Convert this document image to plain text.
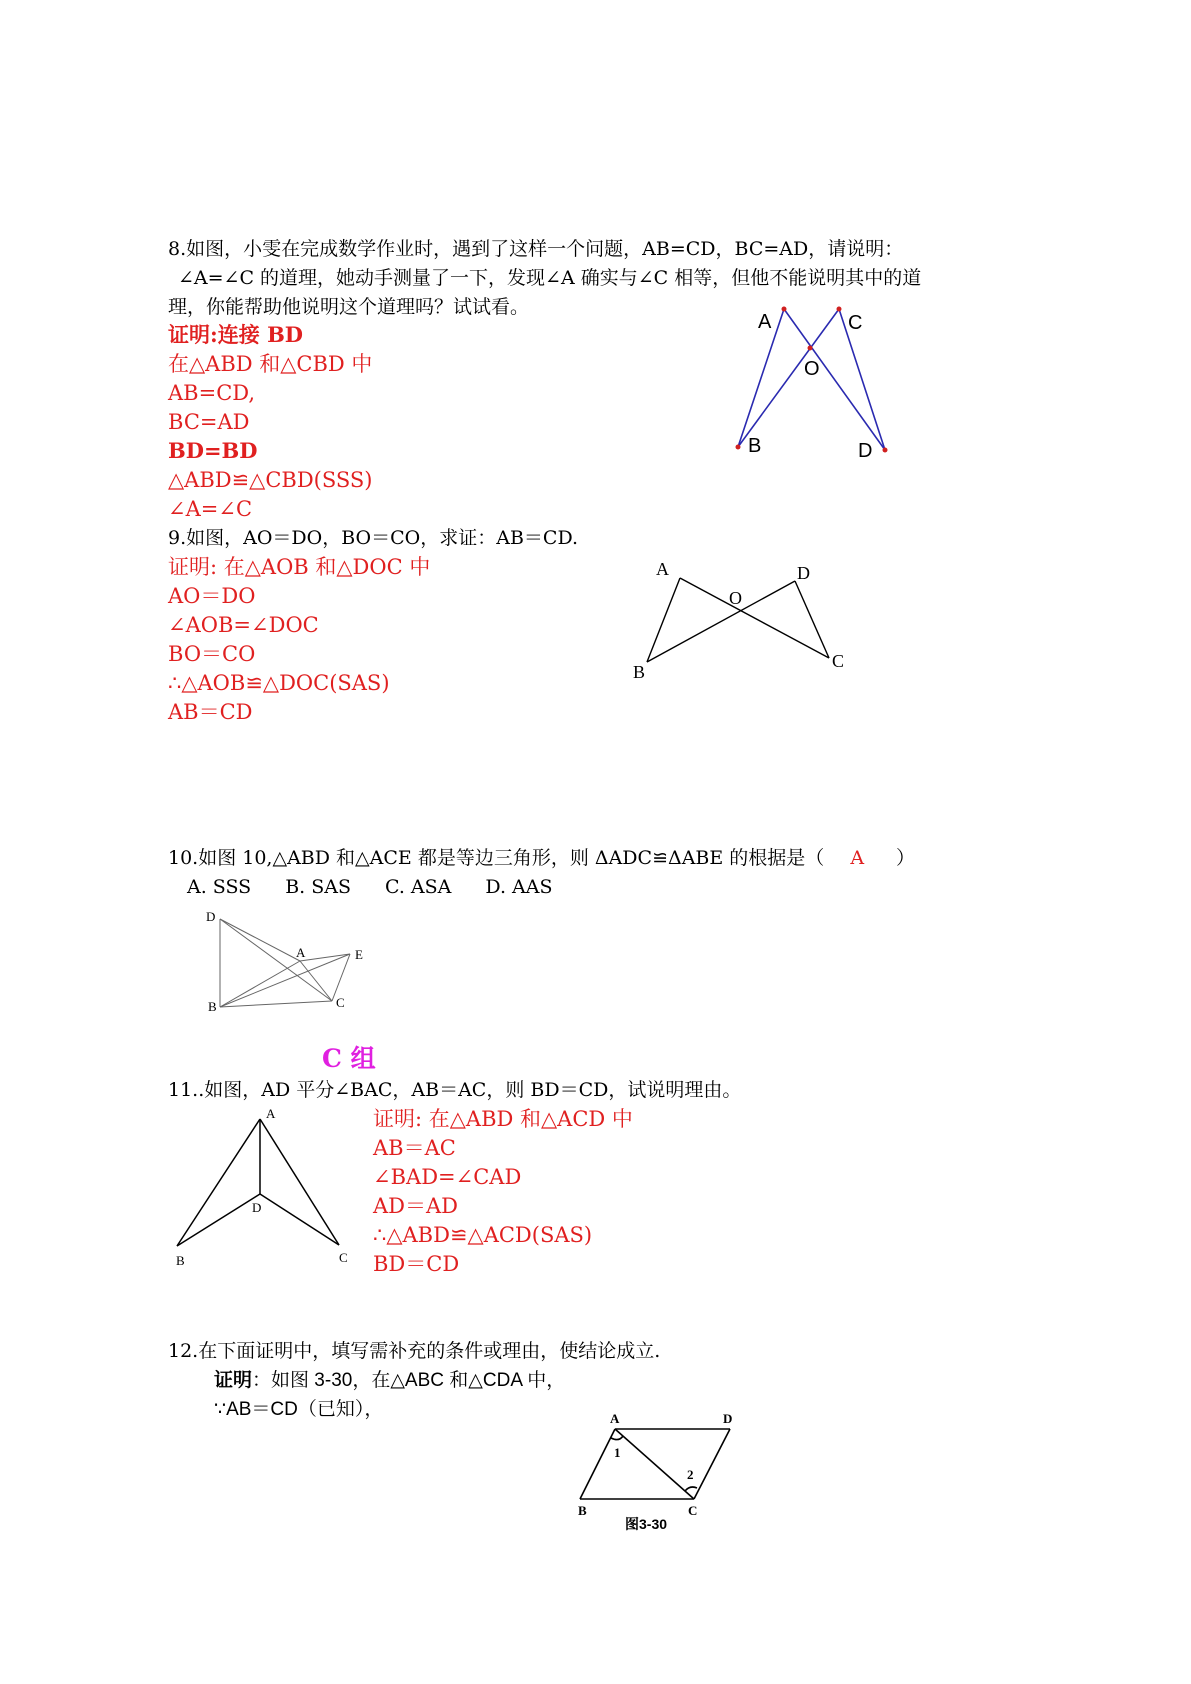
8.如图，小雯在完成数学作业时，遇到了这样一个问题，AB=CD，BC=AD，请说明：
∠A=∠C 的道理，她动手测量了一下，发现∠A 确实与∠C 相等，但他不能说明其中的道
理，你能帮助他说明这个道理吗？试试看。
证明:连接 BD
在△ABD 和△CBD 中
AB=CD,
BC=AD
BD=BD
△ABD≌△CBD(SSS)
∠A=∠C
A	C
O
B	D
9.如图，AO＝DO，BO＝CO，求证：AB＝CD.
证明: 在△AOB 和△DOC 中
AO＝DO
∠AOB=∠DOC
BO＝CO
∴△AOB≌△DOC(SAS)
AB＝CD
A	D
O
B
C
10.如图 10,△ABD 和△ACE 都是等边三角形，则 ΔADC≌ΔABE 的根据是（ A ）
A. SSS B. SAS C. ASA D. AAS
D
A	E
B	C
C 组
11..如图，AD 平分∠BAC，AB＝AC，则 BD＝CD，试说明理由。
证明: 在△ABD 和△ACD 中
AB＝AC
∠BAD=∠CAD
AD＝AD
∴△ABD≌△ACD(SAS)
BD＝CD
A
D
B	C
12.在下面证明中，填写需补充的条件或理由，使结论成立.
证明：如图 3-30，在△ABC 和△CDA 中，
∵AB＝CD（已知），	A	D
B	C
1
2
图3-30
